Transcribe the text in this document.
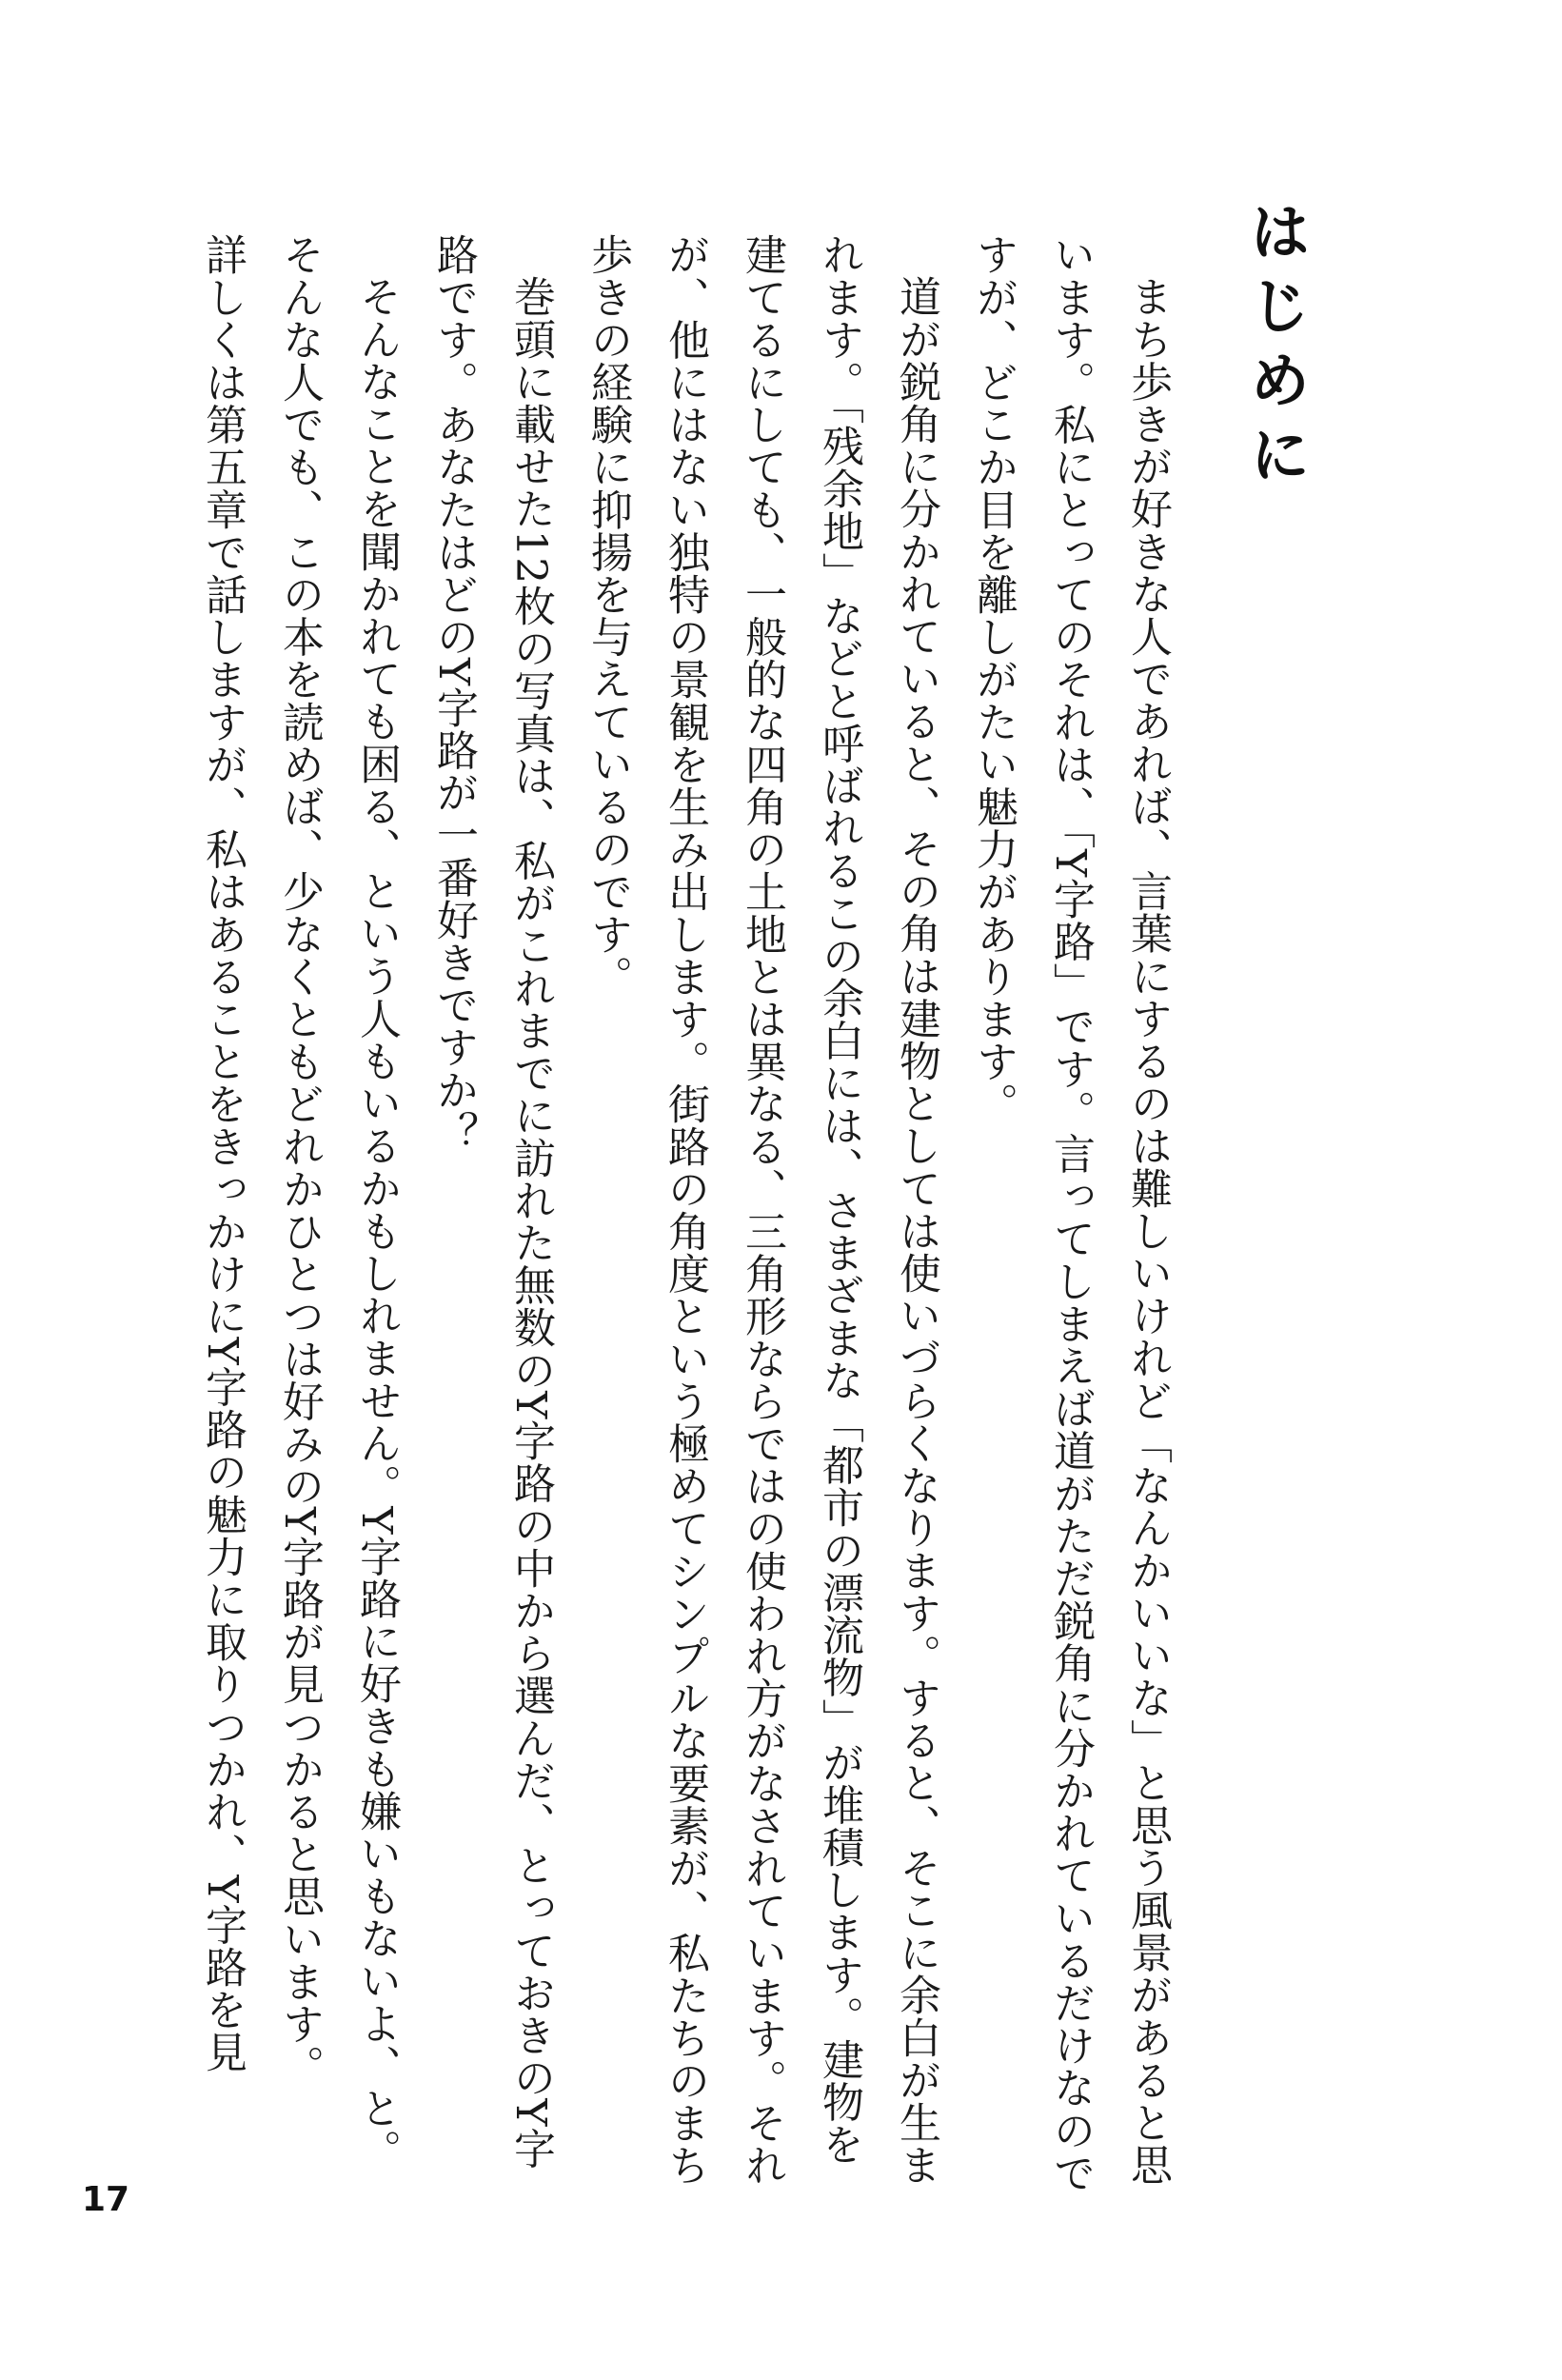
はじめに

まち歩きが好きな人であれば、言葉にするのは難しいけれど「なんかいいな」と思う風景があると思います。私にとってのそれは、「Y字路」です。言ってしまえば道がただ鋭角に分かれているだけなのですが、どこか目を離しがたい魅力があります。

道が鋭角に分かれていると、その角は建物としては使いづらくなります。すると、そこに余白が生まれます。「残余地」などと呼ばれるこの余白には、さまざまな「都市の漂流物」が堆積します。建物を建てるにしても、一般的な四角の土地とは異なる、三角形ならではの使われ方がなされています。それが、他にはない独特の景観を生み出します。街路の角度という極めてシンプルな要素が、私たちのまち歩きの経験に抑揚を与えているのです。

巻頭に載せた12枚の写真は、私がこれまでに訪れた無数のY字路の中から選んだ、とっておきのY字路です。あなたはどのY字路が一番好きですか？

そんなことを聞かれても困る、という人もいるかもしれません。Y字路に好きも嫌いもないよ、と。そんな人でも、この本を読めば、少なくともどれかひとつは好みのY字路が見つかると思います。

詳しくは第五章で話しますが、私はあることをきっかけにY字路の魅力に取りつかれ、Y字路を見

17
